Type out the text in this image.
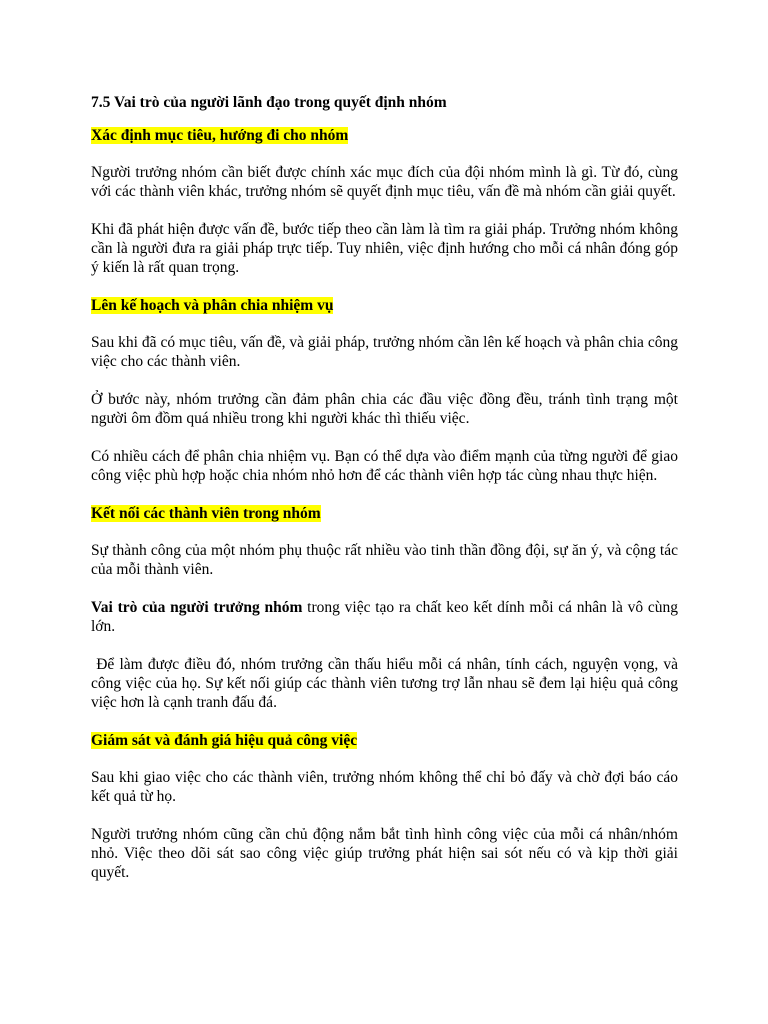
7.5 Vai trò của người lãnh đạo trong quyết định nhóm
Xác định mục tiêu, hướng đi cho nhóm

Người trưởng nhóm cần biết được chính xác mục đích của đội nhóm mình là gì. Từ đó, cùng với các thành viên khác, trưởng nhóm sẽ quyết định mục tiêu, vấn đề mà nhóm cần giải quyết.

Khi đã phát hiện được vấn đề, bước tiếp theo cần làm là tìm ra giải pháp. Trưởng nhóm không cần là người đưa ra giải pháp trực tiếp. Tuy nhiên, việc định hướng cho mỗi cá nhân đóng góp ý kiến là rất quan trọng.

Lên kế hoạch và phân chia nhiệm vụ

Sau khi đã có mục tiêu, vấn đề, và giải pháp, trưởng nhóm cần lên kế hoạch và phân chia công việc cho các thành viên.

Ở bước này, nhóm trưởng cần đảm phân chia các đầu việc đồng đều, tránh tình trạng một người ôm đồm quá nhiều trong khi người khác thì thiếu việc.

Có nhiều cách để phân chia nhiệm vụ. Bạn có thể dựa vào điểm mạnh của từng người để giao công việc phù hợp hoặc chia nhóm nhỏ hơn để các thành viên hợp tác cùng nhau thực hiện.

Kết nối các thành viên trong nhóm

Sự thành công của một nhóm phụ thuộc rất nhiều vào tinh thần đồng đội, sự ăn ý, và cộng tác của mỗi thành viên.

Vai trò của người trưởng nhóm trong việc tạo ra chất keo kết dính mỗi cá nhân là vô cùng lớn.

Để làm được điều đó, nhóm trưởng cần thấu hiểu mỗi cá nhân, tính cách, nguyện vọng, và công việc của họ. Sự kết nối giúp các thành viên tương trợ lẫn nhau sẽ đem lại hiệu quả công việc hơn là cạnh tranh đấu đá.

Giám sát và đánh giá hiệu quả công việc

Sau khi giao việc cho các thành viên, trưởng nhóm không thể chỉ bỏ đấy và chờ đợi báo cáo kết quả từ họ.

Người trưởng nhóm cũng cần chủ động nắm bắt tình hình công việc của mỗi cá nhân/nhóm nhỏ. Việc theo dõi sát sao công việc giúp trưởng phát hiện sai sót nếu có và kịp thời giải quyết.
